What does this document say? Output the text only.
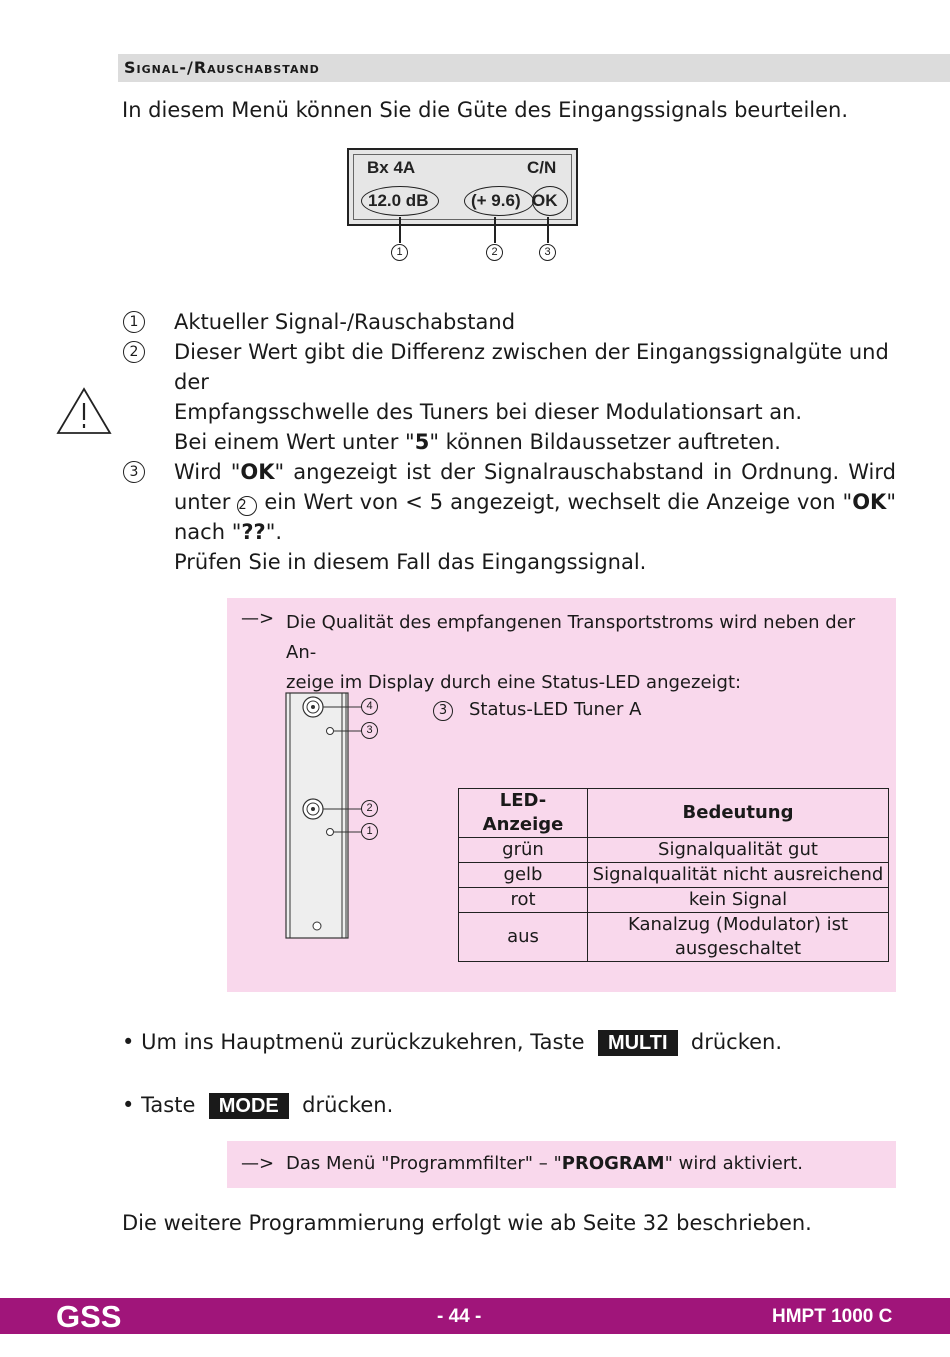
Signal-/Rauschabstand
In diesem Menü können Sie die Güte des Eingangssignals beurteilen.
Bx 4A	C/N
12.0 dB	(+ 9.6) OK
1	2	3
1	Aktueller Signal-/Rauschabstand
2	Dieser Wert gibt die Differenz zwischen der Eingangssignalgüte und der
Empfangsschwelle des Tuners bei dieser Modulationsart an.
Bei einem Wert unter "5" können Bildaussetzer auftreten.
3	Wird "OK" angezeigt ist der Signalrauschabstand in Ordnung. Wird
unter 2 ein Wert von < 5 angezeigt, wechselt die Anzeige von "OK"
nach "??".
Prüfen Sie in diesem Fall das Eingangssignal.
—> Die Qualität des empfangenen Transportstroms wird neben der An-
zeige im Display durch eine Status-LED angezeigt:
4
3
2
1
3	Status-LED Tuner A
LED-Anzeige	Bedeutung
grün	Signalqualität gut
gelb	Signalqualität nicht ausreichend
rot	kein Signal
aus	Kanalzug (Modulator) ist
ausgeschaltet
• Um ins Hauptmenü zurückzukehren, Taste MULTI drücken.
• Taste MODE drücken.
—> Das Menü "Programmfilter" – "PROGRAM" wird aktiviert.
Die weitere Programmierung erfolgt wie ab Seite 32 beschrieben.
GSS	- 44 -	HMPT 1000 C
